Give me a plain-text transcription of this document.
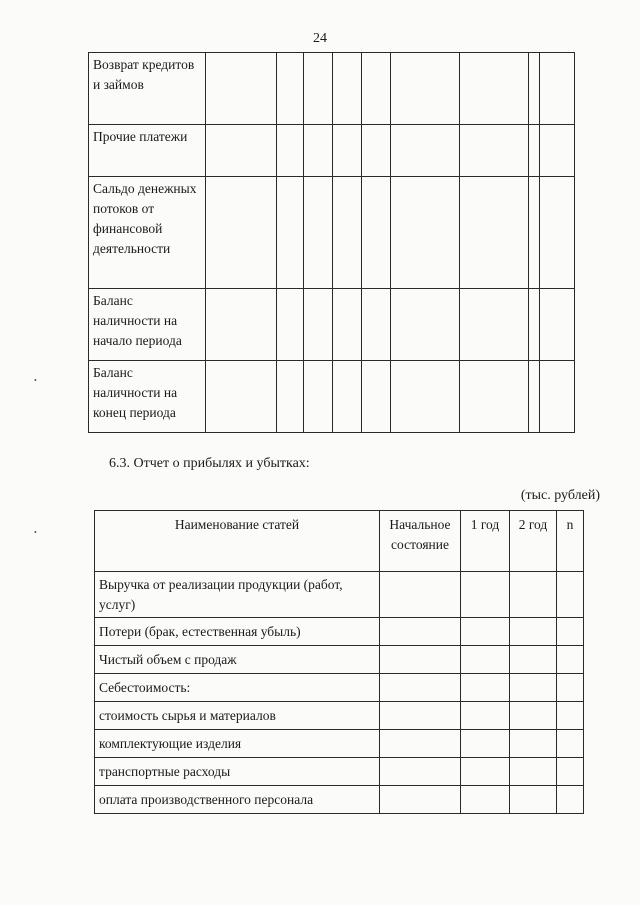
24
Возврат кредитов и займов									
Прочие платежи									
Сальдо денежных потоков от финансовой деятельности									
Баланс наличности на начало периода									
Баланс наличности на конец периода									
6.3. Отчет о прибылях и убытках:
(тыс. рублей)
Наименование статей	Начальное состояние	1 год	2 год	n
Выручка от реализации продукции (работ, услуг)				
Потери (брак, естественная убыль)				
Чистый объем с продаж				
Себестоимость:				
стоимость сырья и материалов				
комплектующие изделия				
транспортные расходы				
оплата производственного персонала				
•
•
